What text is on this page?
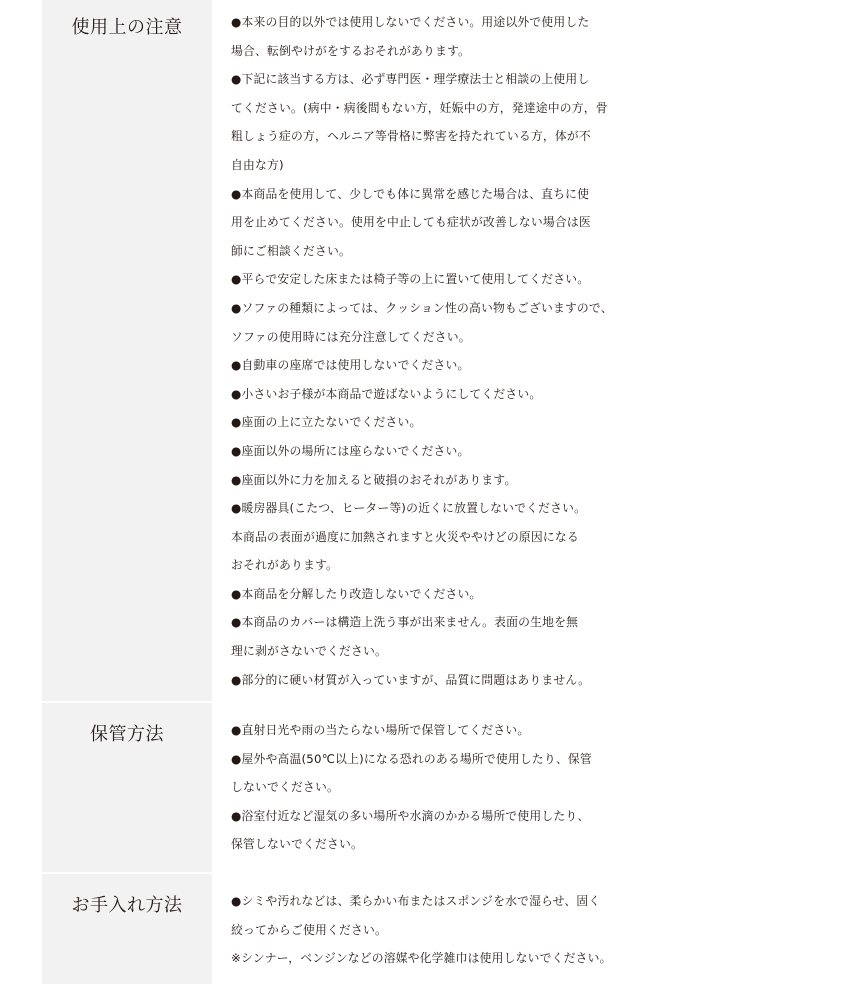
使用上の注意	●本来の目的以外では使用しないでください。用途以外で使用した
場合、転倒やけがをするおそれがあります。
●下記に該当する方は、必ず専門医・理学療法士と相談の上使用し
てください。(病中・病後間もない方，妊娠中の方，発達途中の方，骨
粗しょう症の方，ヘルニア等骨格に弊害を持たれている方，体が不
自由な方)
●本商品を使用して、少しでも体に異常を感じた場合は、直ちに使
用を止めてください。使用を中止しても症状が改善しない場合は医
師にご相談ください。
●平らで安定した床または椅子等の上に置いて使用してください。
●ソファの種類によっては、クッション性の高い物もございますので、
ソファの使用時には充分注意してください。
●自動車の座席では使用しないでください。
●小さいお子様が本商品で遊ばないようにしてください。
●座面の上に立たないでください。
●座面以外の場所には座らないでください。
●座面以外に力を加えると破損のおそれがあります。
●暖房器具(こたつ、ヒーター等)の近くに放置しないでください。
本商品の表面が過度に加熱されますと火災ややけどの原因になる
おそれがあります。
●本商品を分解したり改造しないでください。
●本商品のカバーは構造上洗う事が出来ません。表面の生地を無
理に剥がさないでください。
●部分的に硬い材質が入っていますが、品質に問題はありません。
保管方法	●直射日光や雨の当たらない場所で保管してください。
●屋外や高温(50℃以上)になる恐れのある場所で使用したり、保管
しないでください。
●浴室付近など湿気の多い場所や水滴のかかる場所で使用したり、
保管しないでください。
お手入れ方法	●シミや汚れなどは、柔らかい布またはスポンジを水で湿らせ、固く
絞ってからご使用ください。
※シンナー，ベンジンなどの溶媒や化学雑巾は使用しないでください。
